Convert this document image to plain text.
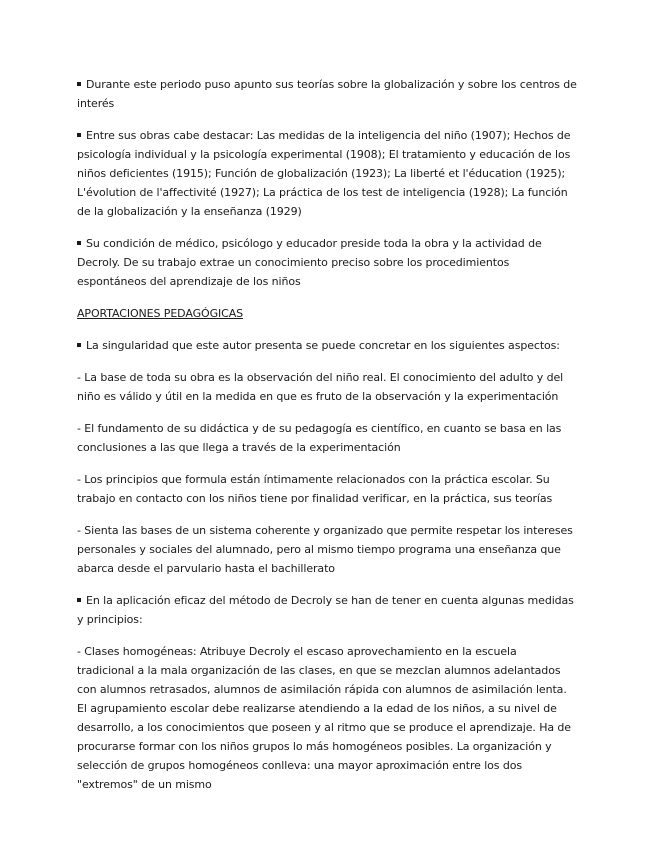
Durante este periodo puso apunto sus teorías sobre la globalización y sobre los centros de interés
Entre sus obras cabe destacar: Las medidas de la inteligencia del niño (1907); Hechos de psicología individual y la psicología experimental (1908); El tratamiento y educación de los niños deficientes (1915); Función de globalización (1923); La liberté et l'éducation (1925); L'évolution de l'affectivité (1927); La práctica de los test de inteligencia (1928); La función de la globalización y la enseñanza (1929)
Su condición de médico, psicólogo y educador preside toda la obra y la actividad de Decroly. De su trabajo extrae un conocimiento preciso sobre los procedimientos espontáneos del aprendizaje de los niños
APORTACIONES PEDAGÓGICAS
La singularidad que este autor presenta se puede concretar en los siguientes aspectos:
- La base de toda su obra es la observación del niño real. El conocimiento del adulto y del niño es válido y útil en la medida en que es fruto de la observación y la experimentación
- El fundamento de su didáctica y de su pedagogía es científico, en cuanto se basa en las conclusiones a las que llega a través de la experimentación
- Los principios que formula están íntimamente relacionados con la práctica escolar. Su trabajo en contacto con los niños tiene por finalidad verificar, en la práctica, sus teorías
- Sienta las bases de un sistema coherente y organizado que permite respetar los intereses personales y sociales del alumnado, pero al mismo tiempo programa una enseñanza que abarca desde el parvulario hasta el bachillerato
En la aplicación eficaz del método de Decroly se han de tener en cuenta algunas medidas y principios:
- Clases homogéneas: Atribuye Decroly el escaso aprovechamiento en la escuela tradicional a la mala organización de las clases, en que se mezclan alumnos adelantados con alumnos retrasados, alumnos de asimilación rápida con alumnos de asimilación lenta. El agrupamiento escolar debe realizarse atendiendo a la edad de los niños, a su nivel de desarrollo, a los conocimientos que poseen y al ritmo que se produce el aprendizaje. Ha de procurarse formar con los niños grupos lo más homogéneos posibles. La organización y selección de grupos homogéneos conlleva: una mayor aproximación entre los dos "extremos" de un mismo
